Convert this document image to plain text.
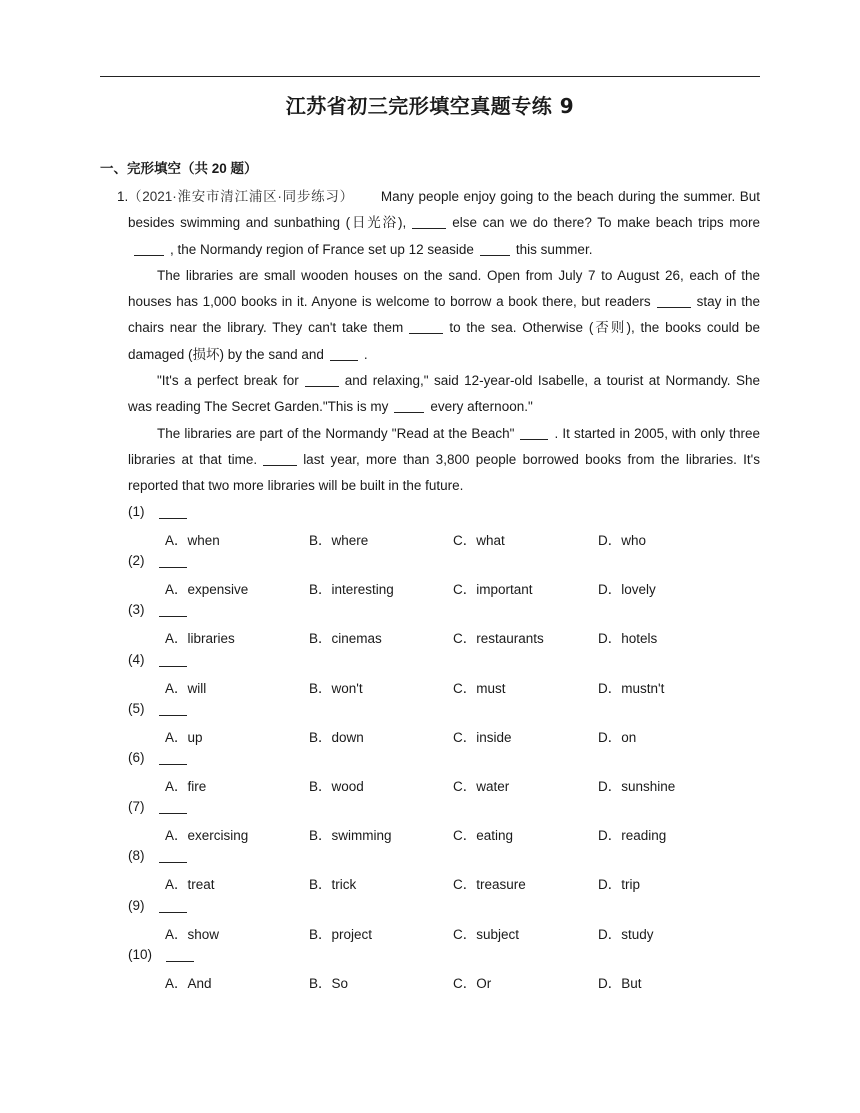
江苏省初三完形填空真题专练 9
一、完形填空（共 20 题）

1. （2021·淮安市清江浦区·同步练习） Many people enjoy going to the beach during the summer. But besides swimming and sunbathing (日光浴),	else can we do there? To make beach trips more, the Normandy region of France set up 12 seaside	this summer.

The libraries are small wooden houses on the sand. Open from July 7 to August 26, each of the houses has 1,000 books in it. Anyone is welcome to borrow a book there, but readers	stay in the chairs near the library. They can't take them	to the sea. Otherwise (否则), the books could be damaged (损坏) by the sand and	.

"It's a perfect break for	and relaxing," said 12-year-old Isabelle, a tourist at Normandy. She was reading The Secret Garden."This is my	every afternoon."

The libraries are part of the Normandy "Read at the Beach"	. It started in 2005, with only three libraries at that time.	last year, more than 3,800 people borrowed books from the libraries. It's reported that two more libraries will be built in the future.

(1)
A．when	B．where	C．what	D．who
(2)
A．expensive	B．interesting	C．important	D．lovely
(3)
A．libraries	B．cinemas	C．restaurants	D．hotels
(4)
A．will	B．won't	C．must	D．mustn't
(5)
A．up	B．down	C．inside	D．on
(6)
A．fire	B．wood	C．water	D．sunshine
(7)
A．exercising	B．swimming	C．eating	D．reading
(8)
A．treat	B．trick	C．treasure	D．trip
(9)
A．show	B．project	C．subject	D．study
(10)
A．And	B．So	C．Or	D．But
